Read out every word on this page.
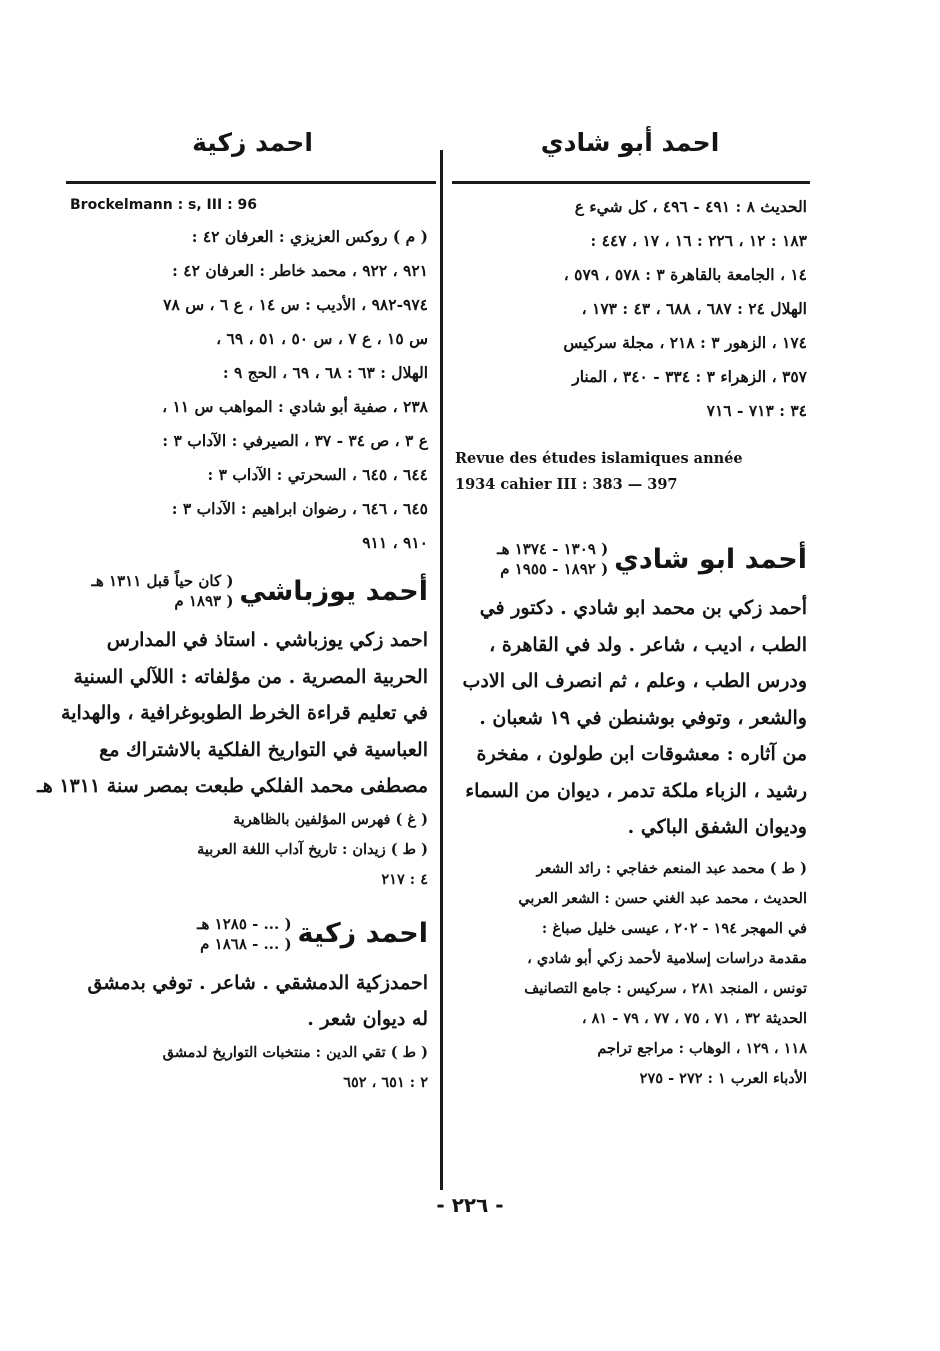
احمد أبو شادي
احمد زكية
الحديث ٨ : ٤٩١ - ٤٩٦ ، كل شيء ع
١٨٣ : ١٢ ، ٢٢٦ : ١٦ ، ١٧ ، ٤٤٧ :
١٤ ، الجامعة بالقاهرة ٣ : ٥٧٨ ، ٥٧٩ ،
الهلال ٢٤ : ٦٨٧ ، ٦٨٨ ، ٤٣ : ١٧٣ ،
١٧٤ ، الزهور ٣ : ٢١٨ ، مجلة سركيس
٣٥٧ ، الزهراء ٣ : ٣٣٤ - ٣٤٠ ، المنار
٣٤ : ٧١٣ - ٧١٦
Revue des études islamiques année
1934 cahier III : 383 — 397
أحمد ابو شادي
( ١٣٠٩ - ١٣٧٤ هـ
( ١٨٩٢ - ١٩٥٥ م
أحمد زكي بن محمد ابو شادي . دكتور في
الطب ، اديب ، شاعر . ولد في القاهرة ،
ودرس الطب ، وعلم ، ثم انصرف الى الادب
والشعر ، وتوفي بوشنطن في ١٩ شعبان .
من آثاره : معشوقات ابن طولون ، مفخرة
رشيد ، الزباء ملكة تدمر ، ديوان من السماء
وديوان الشفق الباكي .
( ط ) محمد عبد المنعم خفاجي : رائد الشعر
الحديث ، محمد عبد الغني حسن : الشعر العربي
في المهجر ١٩٤ - ٢٠٢ ، عيسى خليل صباغ :
مقدمة دراسات إسلامية لأحمد زكي أبو شادي ،
تونس ، المنجد ٢٨١ ، سركيس : جامع التصانيف
الحديثة ٣٢ ، ٧١ ، ٧٥ ، ٧٧ ، ٧٩ - ٨١ ،
١١٨ ، ١٢٩ ، الوهاب : مراجع تراجم
الأدباء العرب ١ : ٢٧٢ - ٢٧٥
Brockelmann : s, III : 96
( م ) روكس العزيزي : العرفان ٤٢ :
٩٢١ ، ٩٢٢ ، محمد خاطر : العرفان ٤٢ :
٩٧٤-٩٨٢ ، الأديب : س ١٤ ، ع ٦ ، س ٧٨
س ١٥ ، ع ٧ ، س ٥٠ ، ٥١ ، ٦٩ ،
الهلال : ٦٣ : ٦٨ ، ٦٩ ، الحج ٩ :
٢٣٨ ، صفية أبو شادي : المواهب س ١١ ،
ع ٣ ، ص ٣٤ - ٣٧ ، الصيرفي : الآداب ٣ :
٦٤٤ ، ٦٤٥ ، السحرتي : الآداب ٣ :
٦٤٥ ، ٦٤٦ ، رضوان ابراهيم : الآداب ٣ :
٩١٠ ، ٩١١
أحمد يوزباشي
( كان حياً قبل ١٣١١ هـ
( ١٨٩٣ م
احمد زكي يوزباشي . استاذ في المدارس
الحربية المصرية . من مؤلفاته : اللآلي السنية
في تعليم قراءة الخرط الطوبوغرافية ، والهداية
العباسية في التواريخ الفلكية بالاشتراك مع
مصطفى محمد الفلكي طبعت بمصر سنة ١٣١١ هـ
( غ ) فهرس المؤلفين بالظاهرية
( ط ) زيدان : تاريخ آداب اللغة العربية
٤ : ٢١٧
احمد زكية
( ... - ١٢٨٥ هـ
( ... - ١٨٦٨ م
احمدزكية الدمشقي . شاعر . توفي بدمشق
له ديوان شعر .
( ط ) تقي الدين : منتخبات التواريخ لدمشق
٢ : ٦٥١ ، ٦٥٢
- ٢٢٦ -
